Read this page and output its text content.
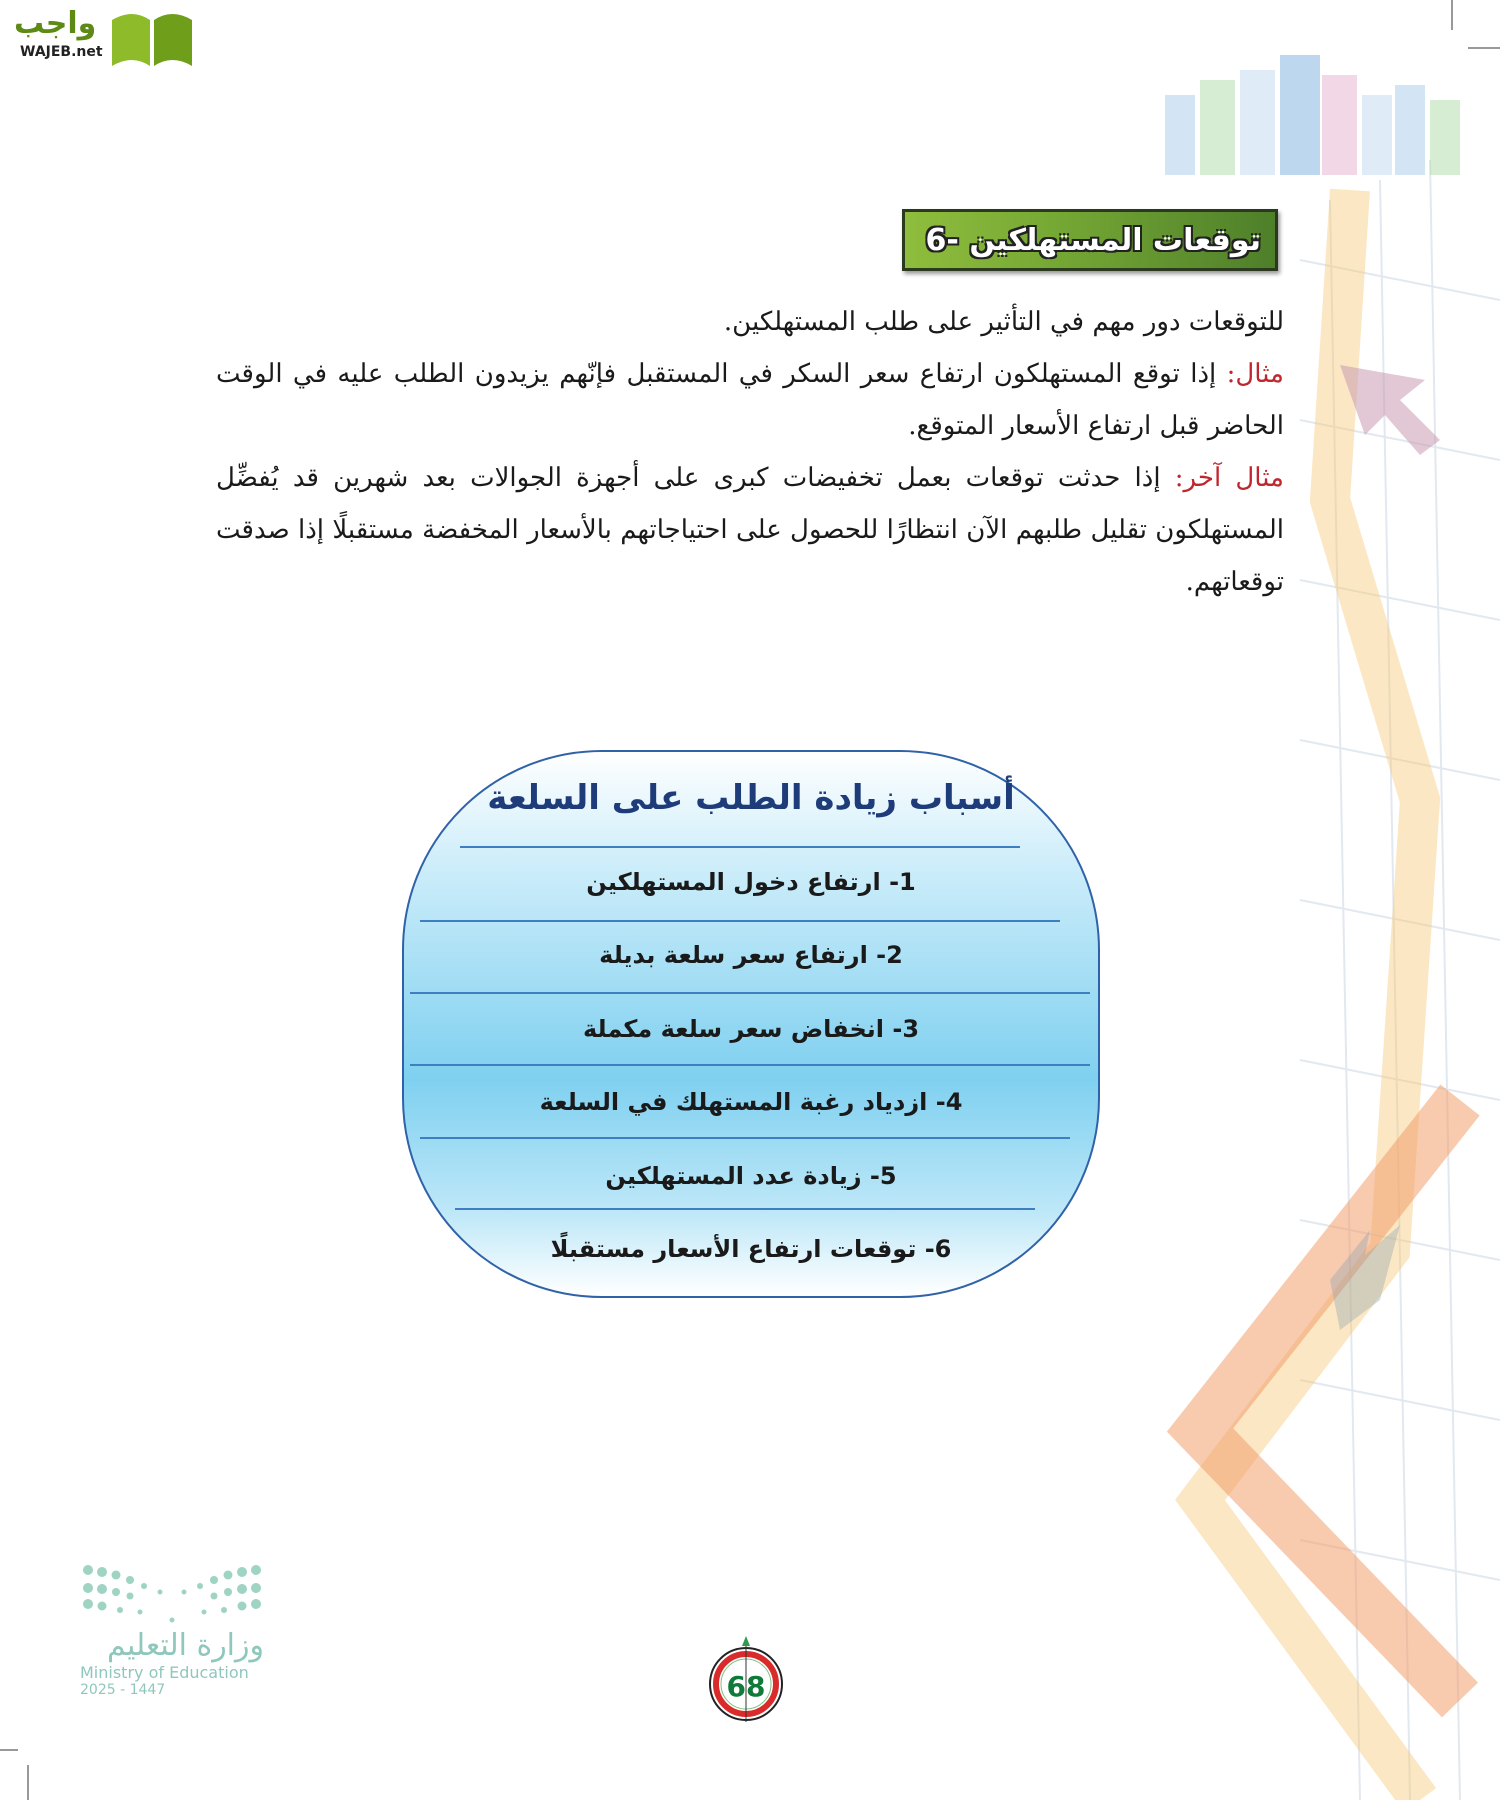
واجب
WAJEB.net
6- توقعات المستهلكين

للتوقعات دور مهم في التأثير على طلب المستهلكين.

مثال: إذا توقع المستهلكون ارتفاع سعر السكر في المستقبل فإنّهم يزيدون الطلب عليه في الوقت الحاضر قبل ارتفاع الأسعار المتوقع.

مثال آخر: إذا حدثت توقعات بعمل تخفيضات كبرى على أجهزة الجوالات بعد شهرين قد يُفضِّل المستهلكون تقليل طلبهم الآن انتظارًا للحصول على احتياجاتهم بالأسعار المخفضة مستقبلًا إذا صدقت توقعاتهم.

أسباب زيادة الطلب على السلعة
1- ارتفاع دخول المستهلكين
2- ارتفاع سعر سلعة بديلة
3- انخفاض سعر سلعة مكملة
4- ازدياد رغبة المستهلك في السلعة
5- زيادة عدد المستهلكين
6- توقعات ارتفاع الأسعار مستقبلًا
وزارة التعليم
Ministry of Education
2025 - 1447	68
